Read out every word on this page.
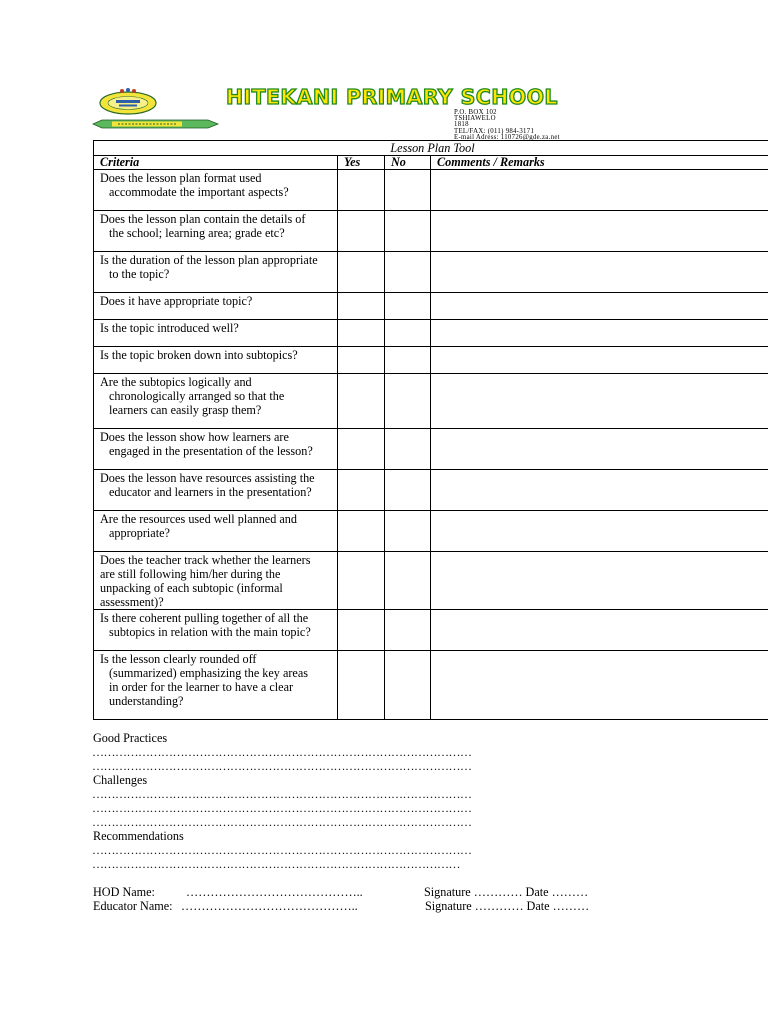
HITEKANI PRIMARY SCHOOL
P.O. BOX 102
TSHIAWELO
1818
TEL/FAX: (011) 984-3171
E-mail Adress: 110726@gde.za.net
Lesson Plan Tool			
Criteria	Yes	No	Comments / Remarks

Does the lesson plan format used
accommodate the important aspects?			

Does the lesson plan contain the details of
the school; learning area; grade etc?			

Is the duration of the lesson plan appropriate
to the topic?			

Does it have appropriate topic?			

Is the topic introduced well?			

Is the topic broken down into subtopics?			

Are the subtopics logically and
chronologically arranged so that the
learners can easily grasp them?			

Does the lesson show how learners are
engaged in the presentation of the lesson?			

Does the lesson have resources assisting the
educator and learners in the presentation?			

Are the resources used well planned and
appropriate?			

Does the teacher track whether the learners
are still following him/her during the
unpacking of each subtopic (informal
assessment)?			

Is there coherent pulling together of all the
subtopics in relation with the main topic?			

Is the lesson clearly rounded off
(summarized) emphasizing the key areas
in order for the learner to have a clear
understanding?			

Good Practices
………………………………………………………………………………………
………………………………………………………………………………………
Challenges
………………………………………………………………………………………
………………………………………………………………………………………
………………………………………………………………………………………
Recommendations
………………………………………………………………………………………
……………………………………………………………………………………
HOD Name:	……………………………………..	Signature ………… Date ………
Educator Name: ……………………………………..	Signature ………… Date ………
